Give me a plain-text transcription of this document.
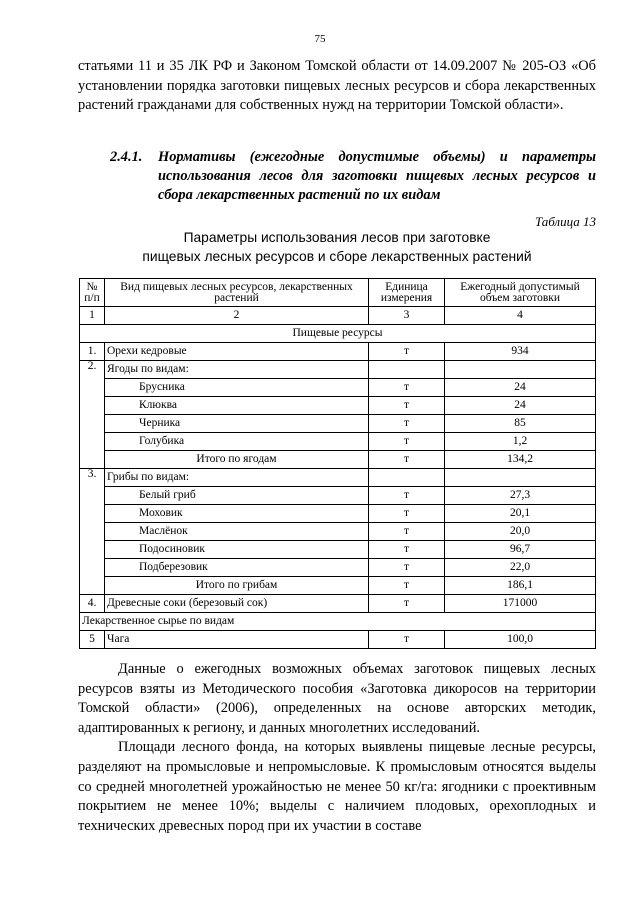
75

статьями 11 и 35 ЛК РФ и Законом Томской области от 14.09.2007 № 205-ОЗ «Об установлении порядка заготовки пищевых лесных ресурсов и сбора лекарственных растений гражданами для собственных нужд на территории Томской области».

2.4.1.	Нормативы (ежегодные допустимые объемы) и параметры использования лесов для заготовки пищевых лесных ресурсов и сбора лекарственных растений по их видам
Таблица 13
Параметры использования лесов при заготовке
пищевых лесных ресурсов и сборе лекарственных растений
№ п/п	Вид пищевых лесных ресурсов, лекарственных растений	Единица измерения	Ежегодный допустимый объем заготовки
1	2	3	4
Пищевые ресурсы			
1.	Орехи кедровые	т	934
2.	Ягоды по видам:		
	Брусника	т	24
	Клюква	т	24
	Черника	т	85
	Голубика	т	1,2
	Итого по ягодам	т	134,2
3.	Грибы по видам:		
	Белый гриб	т	27,3
	Моховик	т	20,1
	Маслёнок	т	20,0
	Подосиновик	т	96,7
	Подберезовик	т	22,0
	Итого по грибам	т	186,1
4.	Древесные соки (березовый сок)	т	171000
Лекарственное сырье по видам			
5	Чага	т	100,0
Данные о ежегодных возможных объемах заготовок пищевых лесных ресурсов взяты из Методического пособия «Заготовка дикоросов на территории Томской области» (2006), определенных на основе авторских методик, адаптированных к региону, и данных многолетних исследований.
Площади лесного фонда, на которых выявлены пищевые лесные ресурсы, разделяют на промысловые и непромысловые. К промысловым относятся выделы со средней многолетней урожайностью не менее 50 кг/га: ягодники с проективным покрытием не менее 10%; выделы с наличием плодовых, орехоплодных и технических древесных пород при их участии в составе
